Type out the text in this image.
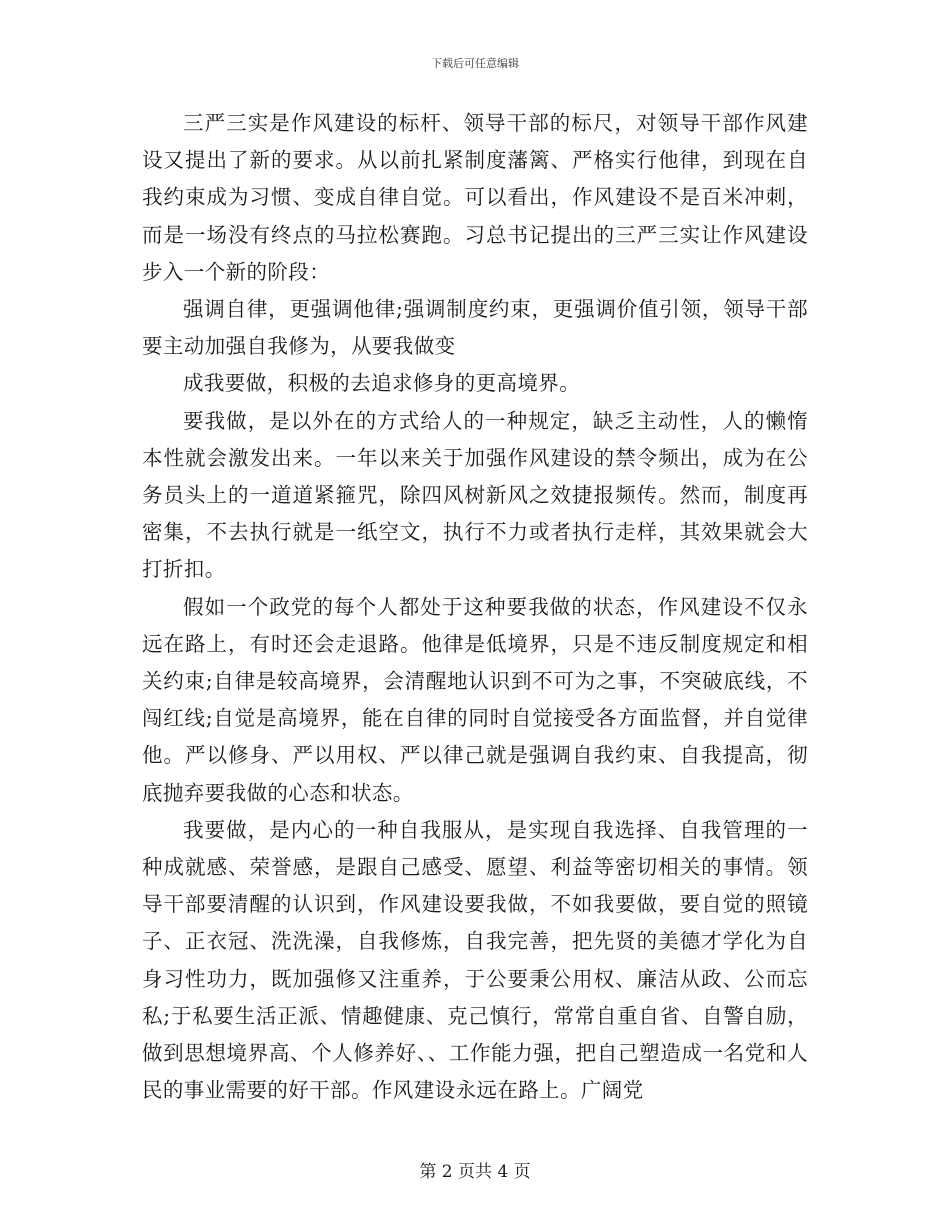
下载后可任意编辑

三严三实是作风建设的标杆、领导干部的标尺，对领导干部作风建设又提出了新的要求。从以前扎紧制度藩篱、严格实行他律，到现在自我约束成为习惯、变成自律自觉。可以看出，作风建设不是百米冲刺，而是一场没有终点的马拉松赛跑。习总书记提出的三严三实让作风建设步入一个新的阶段：

强调自律，更强调他律;强调制度约束，更强调价值引领，领导干部要主动加强自我修为，从要我做变

成我要做，积极的去追求修身的更高境界。

要我做，是以外在的方式给人的一种规定，缺乏主动性，人的懒惰本性就会激发出来。一年以来关于加强作风建设的禁令频出，成为在公务员头上的一道道紧箍咒，除四风树新风之效捷报频传。然而，制度再密集，不去执行就是一纸空文，执行不力或者执行走样，其效果就会大打折扣。

假如一个政党的每个人都处于这种要我做的状态，作风建设不仅永远在路上，有时还会走退路。他律是低境界，只是不违反制度规定和相关约束;自律是较高境界，会清醒地认识到不可为之事，不突破底线，不闯红线;自觉是高境界，能在自律的同时自觉接受各方面监督，并自觉律他。严以修身、严以用权、严以律己就是强调自我约束、自我提高，彻底抛弃要我做的心态和状态。

我要做，是内心的一种自我服从，是实现自我选择、自我管理的一种成就感、荣誉感，是跟自己感受、愿望、利益等密切相关的事情。领导干部要清醒的认识到，作风建设要我做，不如我要做，要自觉的照镜子、正衣冠、洗洗澡，自我修炼，自我完善，把先贤的美德才学化为自身习性功力，既加强修又注重养，于公要秉公用权、廉洁从政、公而忘私;于私要生活正派、情趣健康、克己慎行，常常自重自省、自警自励，做到思想境界高、个人修养好、、工作能力强，把自己塑造成一名党和人民的事业需要的好干部。作风建设永远在路上。广阔党

第 2 页共 4 页
